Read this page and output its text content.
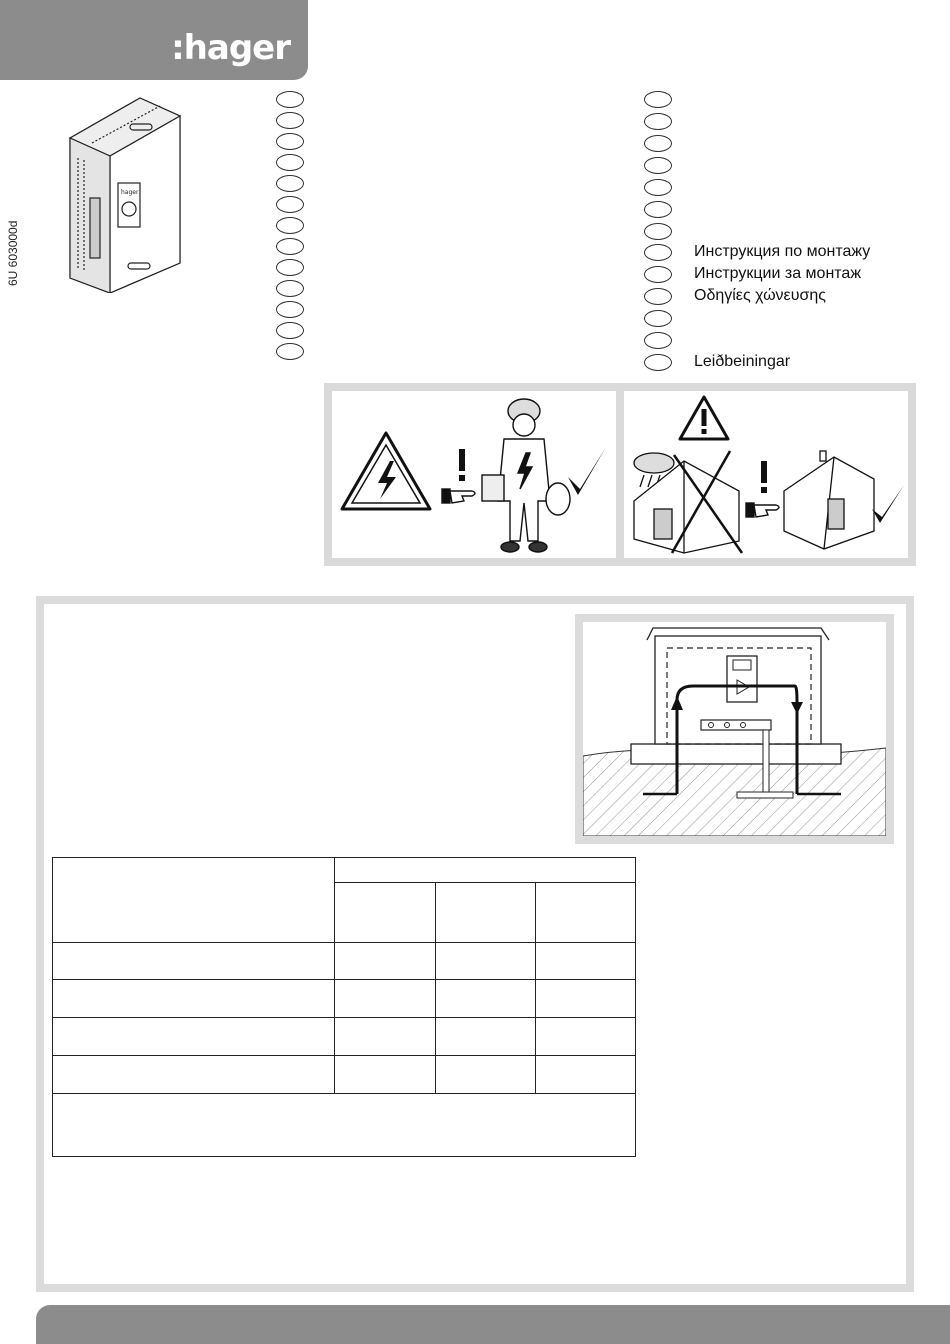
:hager
hager
6U 603000d	Инструкция по монтажу
Инструкции за монтаж
Οδηγίες χώνευσης
Leiðbeiningar
